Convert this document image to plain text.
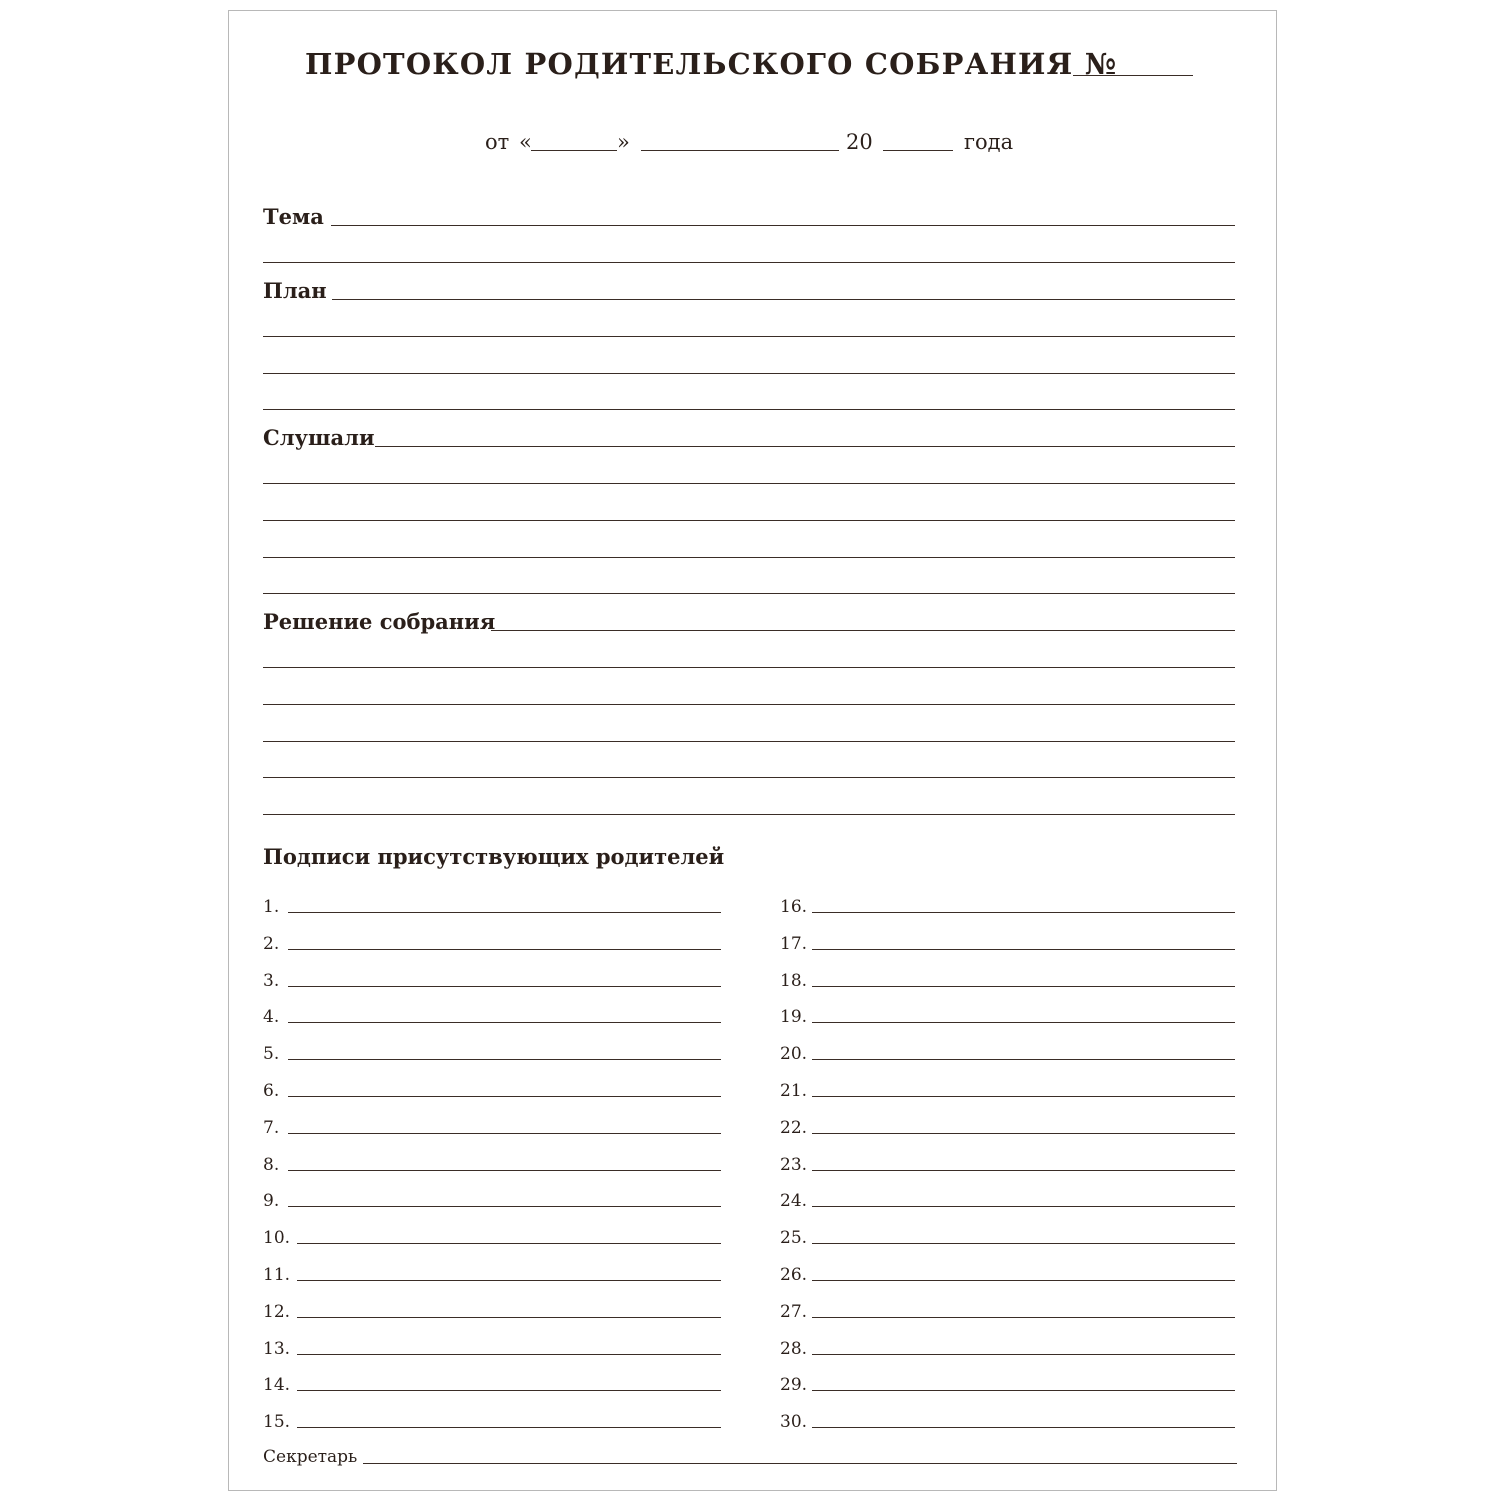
ПРОТОКОЛ РОДИТЕЛЬСКОГО СОБРАНИЯ №
от «	»	20	года
Тема
План
Слушали
Решение собрания
Подписи присутствующих родителей
1.
2.
3.
4.
5.
6.
7.
8.
9.
10.
11.
12.
13.
14.
15.
16.
17.
18.
19.
20.
21.
22.
23.
24.
25.
26.
27.
28.
29.
30.
Секретарь
